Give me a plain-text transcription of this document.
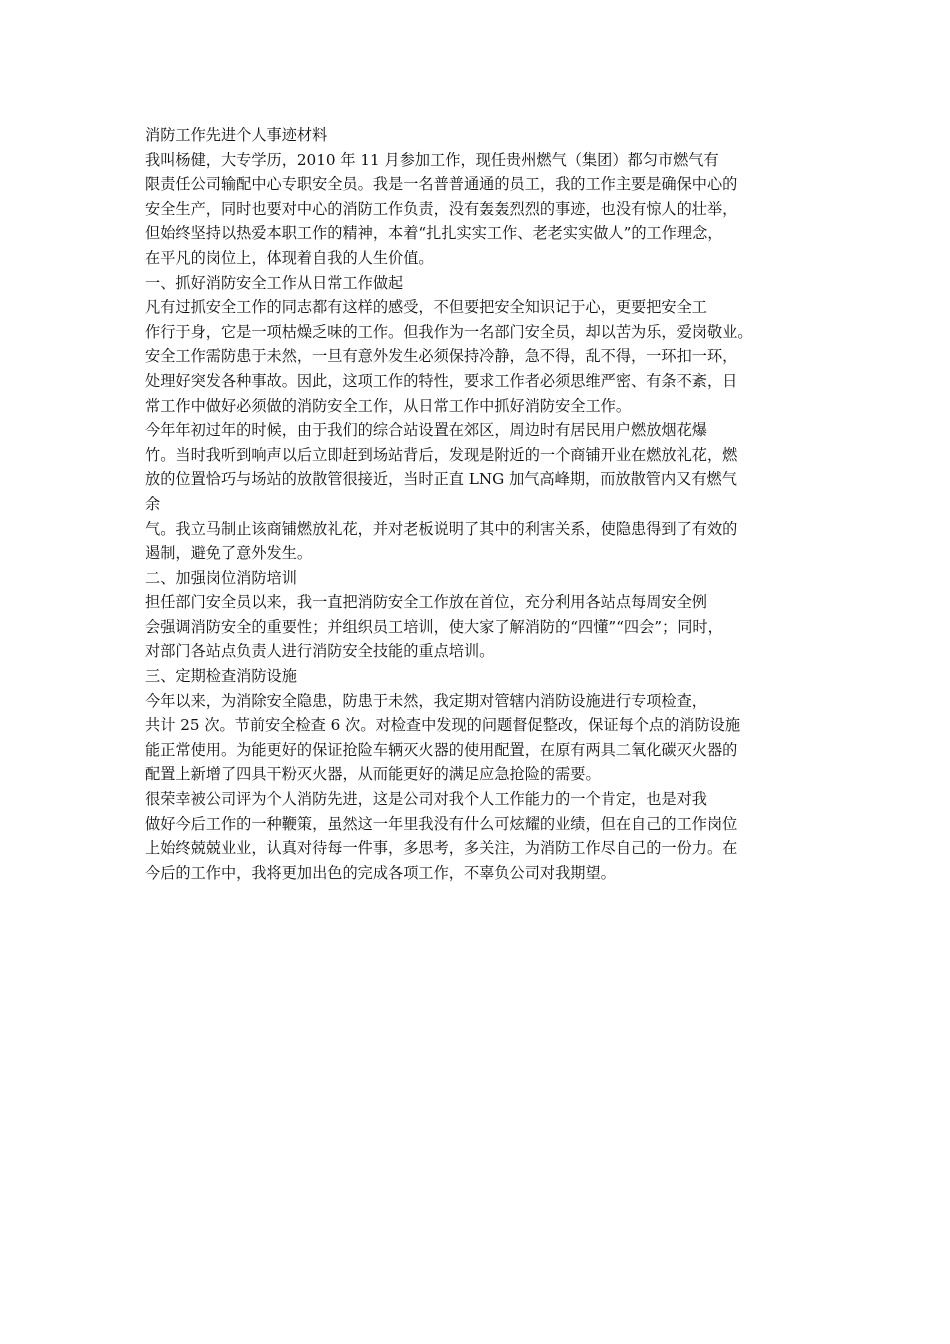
消防工作先进个人事迹材料
我叫杨健，大专学历，2010 年 11 月参加工作，现任贵州燃气（集团）都匀市燃气有
限责任公司输配中心专职安全员。我是一名普普通通的员工，我的工作主要是确保中心的
安全生产，同时也要对中心的消防工作负责，没有轰轰烈烈的事迹，也没有惊人的壮举，
但始终坚持以热爱本职工作的精神，本着“扎扎实实工作、老老实实做人”的工作理念，
在平凡的岗位上，体现着自我的人生价值。
一、抓好消防安全工作从日常工作做起
凡有过抓安全工作的同志都有这样的感受，不但要把安全知识记于心，更要把安全工
作行于身，它是一项枯燥乏味的工作。但我作为一名部门安全员，却以苦为乐，爱岗敬业。
安全工作需防患于未然，一旦有意外发生必须保持冷静，急不得，乱不得，一环扣一环，
处理好突发各种事故。因此，这项工作的特性，要求工作者必须思维严密、有条不紊，日
常工作中做好必须做的消防安全工作，从日常工作中抓好消防安全工作。
今年年初过年的时候，由于我们的综合站设置在郊区，周边时有居民用户燃放烟花爆
竹。当时我听到响声以后立即赶到场站背后，发现是附近的一个商铺开业在燃放礼花，燃
放的位置恰巧与场站的放散管很接近，当时正直 LNG 加气高峰期，而放散管内又有燃气
余
气。我立马制止该商铺燃放礼花，并对老板说明了其中的利害关系，使隐患得到了有效的
遏制，避免了意外发生。
二、加强岗位消防培训
担任部门安全员以来，我一直把消防安全工作放在首位，充分利用各站点每周安全例
会强调消防安全的重要性；并组织员工培训，使大家了解消防的“四懂”“四会”；同时，
对部门各站点负责人进行消防安全技能的重点培训。
三、定期检查消防设施
今年以来，为消除安全隐患，防患于未然，我定期对管辖内消防设施进行专项检查，
共计 25 次。节前安全检查 6 次。对检查中发现的问题督促整改，保证每个点的消防设施
能正常使用。为能更好的保证抢险车辆灭火器的使用配置，在原有两具二氧化碳灭火器的
配置上新增了四具干粉灭火器，从而能更好的满足应急抢险的需要。
很荣幸被公司评为个人消防先进，这是公司对我个人工作能力的一个肯定，也是对我
做好今后工作的一种鞭策，虽然这一年里我没有什么可炫耀的业绩，但在自己的工作岗位
上始终兢兢业业，认真对待每一件事，多思考，多关注，为消防工作尽自己的一份力。在
今后的工作中，我将更加出色的完成各项工作，不辜负公司对我期望。
